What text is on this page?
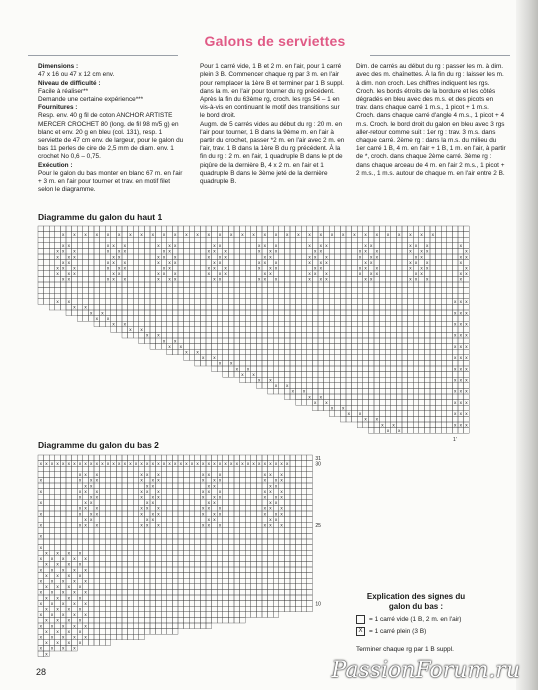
Galons de serviettes

Dimensions :
47 x 16 ou 47 x 12 cm env.
Niveau de difficulté :
Facile à réaliser**
Demande une certaine expérience***
Fournitures :
Resp. env. 40 g fil de coton ANCHOR ARTISTE MERCER CROCHET 80 (long. de fil 98 m/5 g) en blanc et env. 20 g en bleu (col. 131), resp. 1 serviette de 47 cm env. de largeur, pour le galon du bas 11 perles de cire de 2,5 mm de diam. env. 1 crochet No 0,6 – 0,75.
Exécution :
Pour le galon du bas monter en blanc 67 m. en l'air + 3 m. en l'air pour tourner et trav. en motif filet selon le diagramme.

Pour 1 carré vide, 1 B et 2 m. en l'air, pour 1 carré plein 3 B. Commencer chaque rg par 3 m. en l'air pour remplacer la 1ère B et terminer par 1 B suppl. dans la m. en l'air pour tourner du rg précédent.
Après la fin du 63ème rg, croch. les rgs 54 – 1 en vis-à-vis en continuant le motif des transitions sur le bord droit.
Augm. de 5 carrés vides au début du rg : 20 m. en l'air pour tourner, 1 B dans la 9ème m. en l'air à partir du crochet, passer *2 m. en l'air avec 2 m. en l'air, trav. 1 B dans la 1ère B du rg précédent. À la fin du rg : 2 m. en l'air, 1 quadruple B dans le pt de piqûre de la dernière B, 4 x 2 m. en l'air et 1 quadruple B dans le 3ème jeté de la dernière quadruple B.

Dim. de carrés au début du rg : passer les m. à dim. avec des m. chaînettes. À la fin du rg : laisser les m. à dim. non croch. Les chiffres indiquent les rgs. Croch. les bords étroits de la bordure et les côtés dégradés en bleu avec des m.s. et des picots en trav. dans chaque carré 1 m.s., 1 picot + 1 m.s. Croch. dans chaque carré d'angle 4 m.s., 1 picot + 4 m.s. Croch. le bord droit du galon en bleu avec 3 rgs aller-retour comme suit : 1er rg : trav. 3 m.s. dans chaque carré. 2ème rg : dans la m.s. du milieu du 1er carré 1 B, 4 m. en l'air + 1 B, 1 m. en l'air, à partir de *, croch. dans chaque 2ème carré. 3ème rg : dans chaque arceau de 4 m. en l'air 2 m.s., 1 picot + 2 m.s., 1 m.s. autour de chaque m. en l'air entre 2 B.

Diagramme du galon du haut 1
Diagramme du galon du bas 2
x x x x x x x x x x x x x x x x x x x x x x x x x x x x x x x x x x
x x	x x x	x x x	x x	x x x	x x x	x x	x x x	x
x x x	x x x	x x	x x x	x x x	x x	x x x	x x x	x
x x x	x x	x x x	x x x	x x	x x x	x x x	x x	x x
x x	x x x	x x x	x x	x x x	x x x	x x	x x x	x
x x x	x x x	x x	x x x	x x x	x x	x x x	x x x	x
x x x	x x	x x x	x x x	x x	x x x	x x x	x x	x x
x x	x x x	x x x	x x	x x x	x x x	x x	x x x	x
x x	x x x
x x
x x	x x x
x x
x x	x x x
x x
x x	x x x
x x
x x	x x x
x x
x x	x x x
x x
x x	x x x
x x
x x	x x x
x x
x x	x x x
x x
x x	x x x
x x
x x	x x x
x x
x x	x x x
x x
1'
x x x x x x x x x x x x x x x x x x x x x x x x x x x x x x x x x x x x x x x x x x x x x
x x x	x x x	x x x	x x x
x	x x x	x x x	x x x	x x x
x x	x x	x x	x x
x	x x x	x x x	x x x	x x x
x x x	x x x	x x x	x x x
x	x x	x x	x x	x x
x x x	x x x	x x x	x x x
x	x x x	x x x	x x x	x x x
x x	x x	x x	x x
x	x x x	x x x	x x x	x x x
x
x
x x x x
x x x x x
x x x x
x x x x x
x x x x
x x x x x
x x x x
x x x x x
x x x x
x x x x x
x x x x
x x x x x
x x x x
x x x x x
x x x x
x x x x x
x x x x
x x x x
x
31
30
25
10
Explication des signes du galon du bas :
= 1 carré vide (1 B, 2 m. en l'air)
X	= 1 carré plein (3 B)
Terminer chaque rg par 1 B suppl.
28	PassionForum.ru
